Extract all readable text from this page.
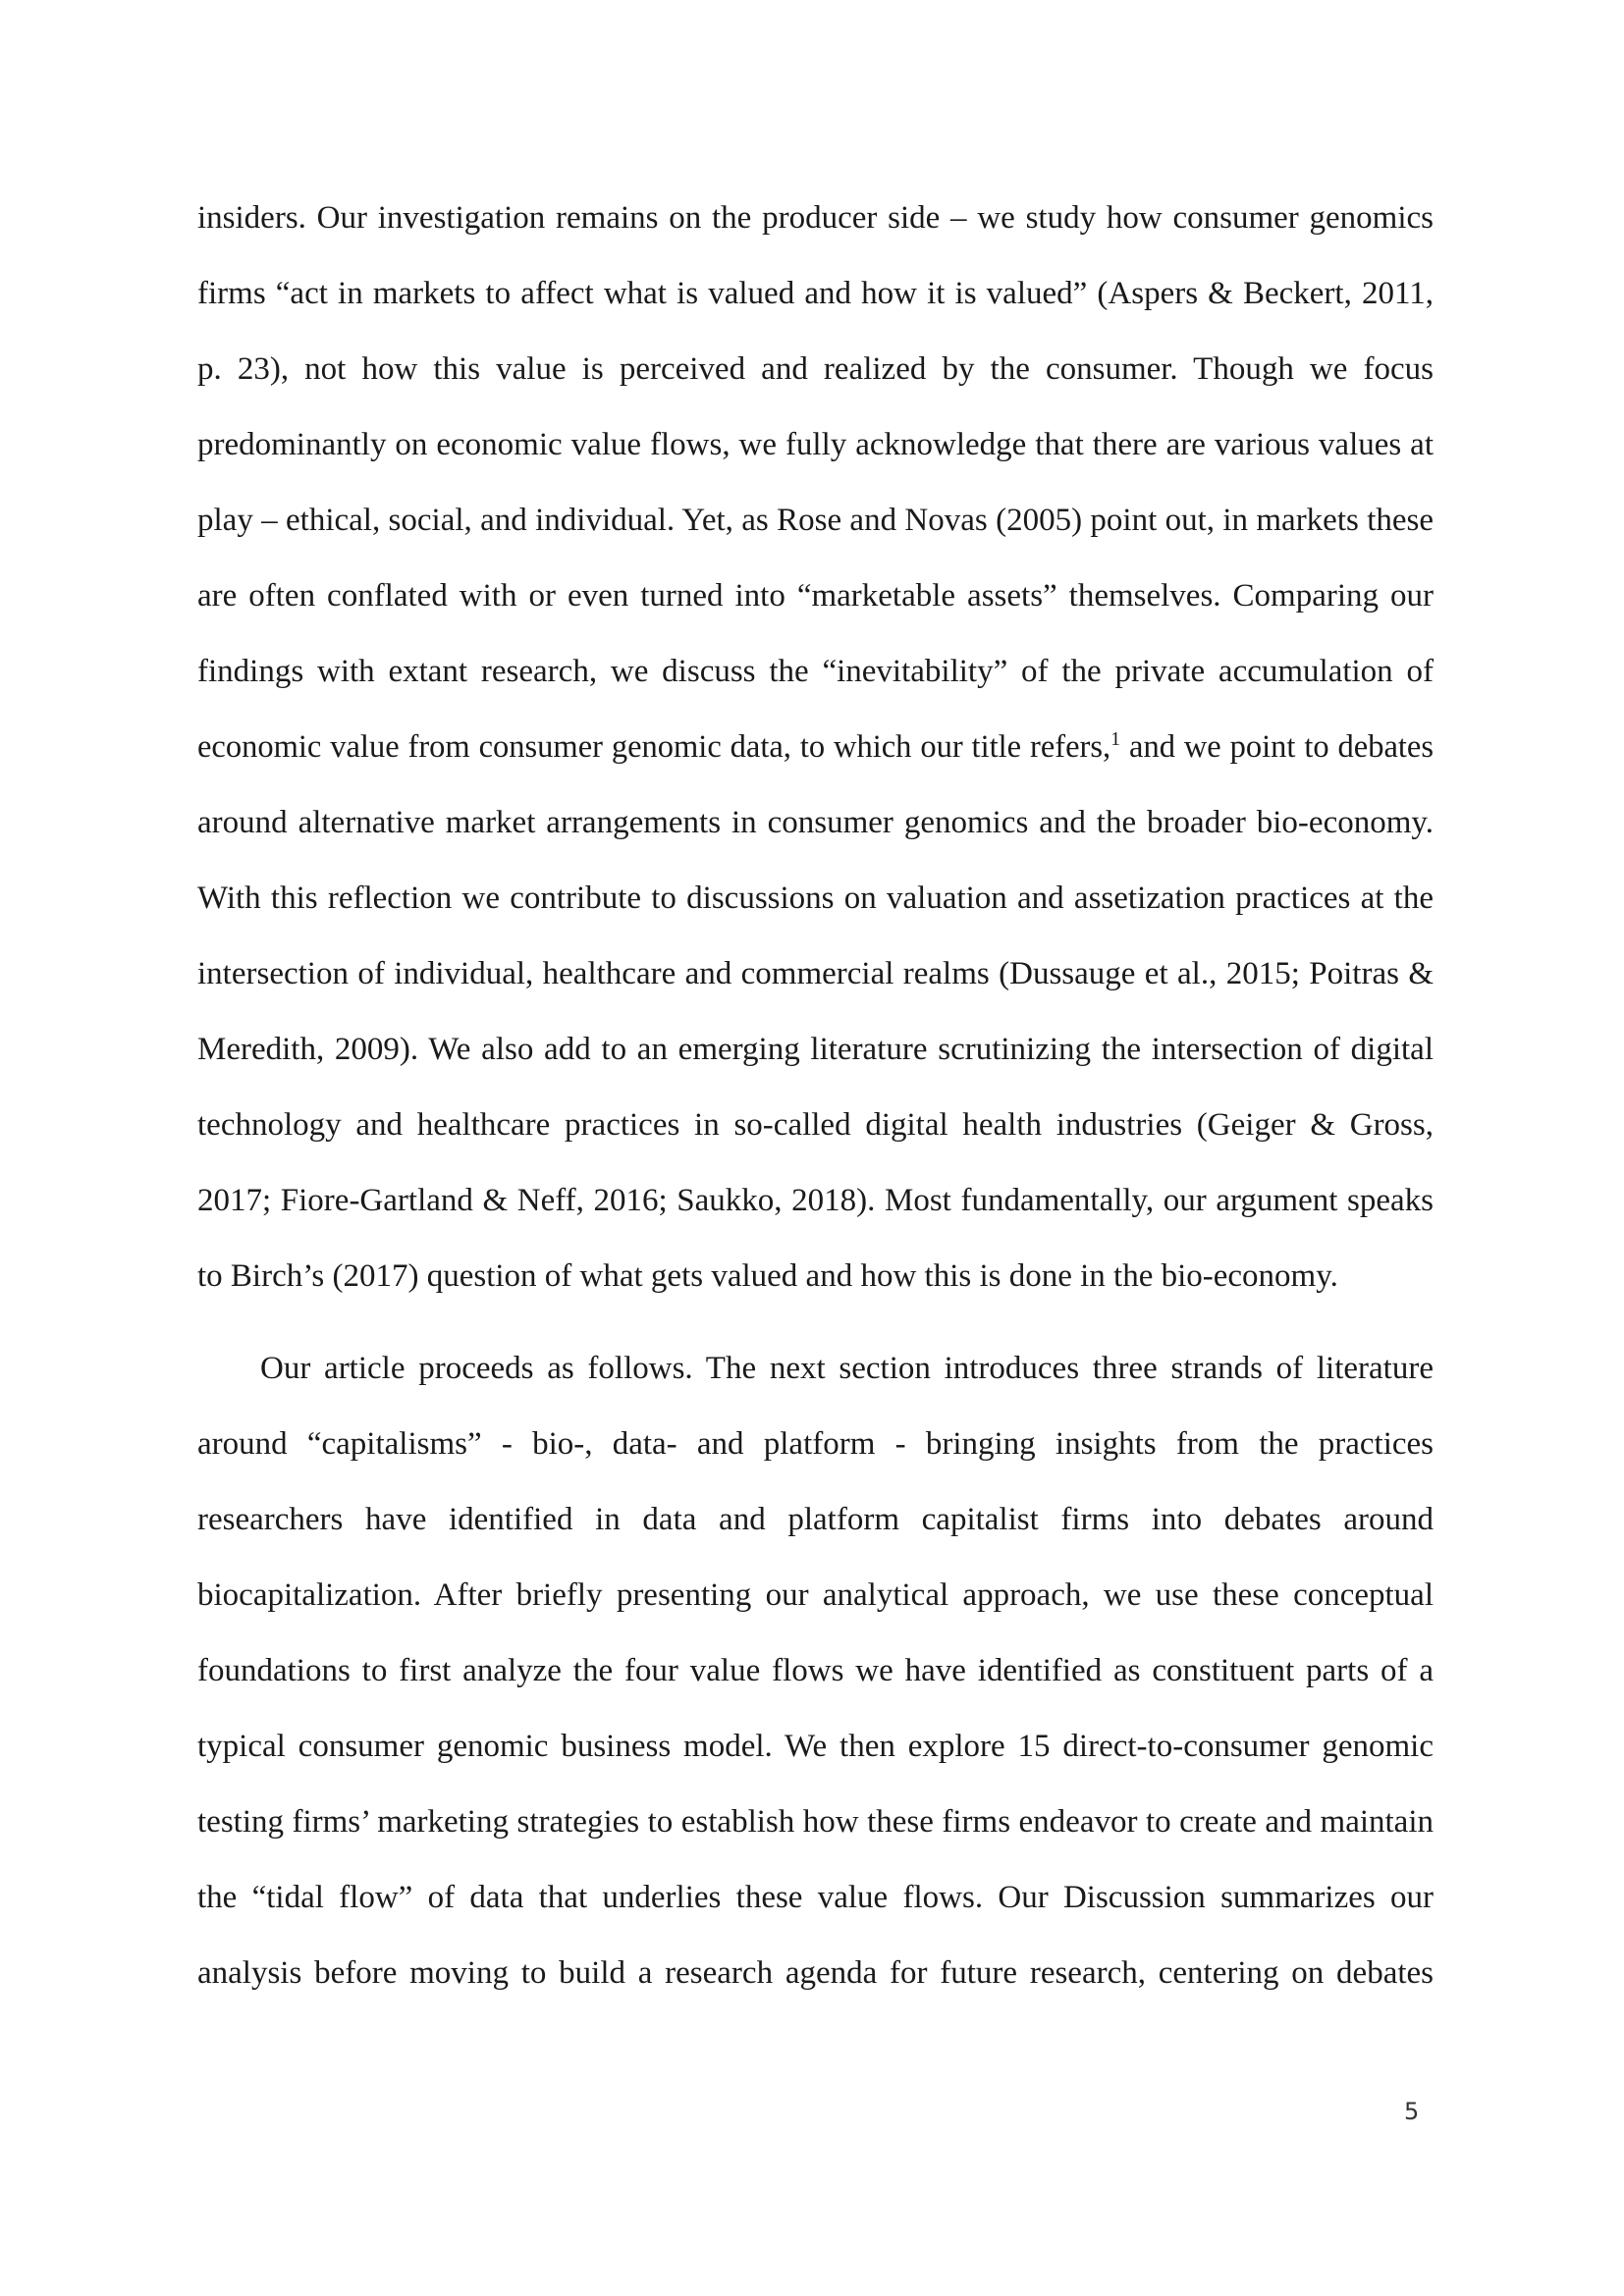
insiders. Our investigation remains on the producer side – we study how consumer genomics
firms “act in markets to affect what is valued and how it is valued” (Aspers & Beckert, 2011,
p. 23), not how this value is perceived and realized by the consumer. Though we focus
predominantly on economic value flows, we fully acknowledge that there are various values at
play – ethical, social, and individual. Yet, as Rose and Novas (2005) point out, in markets these
are often conflated with or even turned into “marketable assets” themselves. Comparing our
findings with extant research, we discuss the “inevitability” of the private accumulation of
economic value from consumer genomic data, to which our title refers,$^1$ and we point to debates
around alternative market arrangements in consumer genomics and the broader bio-economy.
With this reflection we contribute to discussions on valuation and assetization practices at the
intersection of individual, healthcare and commercial realms (Dussauge et al., 2015; Poitras &
Meredith, 2009). We also add to an emerging literature scrutinizing the intersection of digital
technology and healthcare practices in so-called digital health industries (Geiger & Gross,
2017; Fiore-Gartland & Neff, 2016; Saukko, 2018). Most fundamentally, our argument speaks
to Birch’s (2017) question of what gets valued and how this is done in the bio-economy.
Our article proceeds as follows. The next section introduces three strands of literature
around “capitalisms” - bio-, data- and platform - bringing insights from the practices
researchers have identified in data and platform capitalist firms into debates around
biocapitalization. After briefly presenting our analytical approach, we use these conceptual
foundations to first analyze the four value flows we have identified as constituent parts of a
typical consumer genomic business model. We then explore 15 direct-to-consumer genomic
testing firms’ marketing strategies to establish how these firms endeavor to create and maintain
the “tidal flow” of data that underlies these value flows. Our Discussion summarizes our
analysis before moving to build a research agenda for future research, centering on debates
5
